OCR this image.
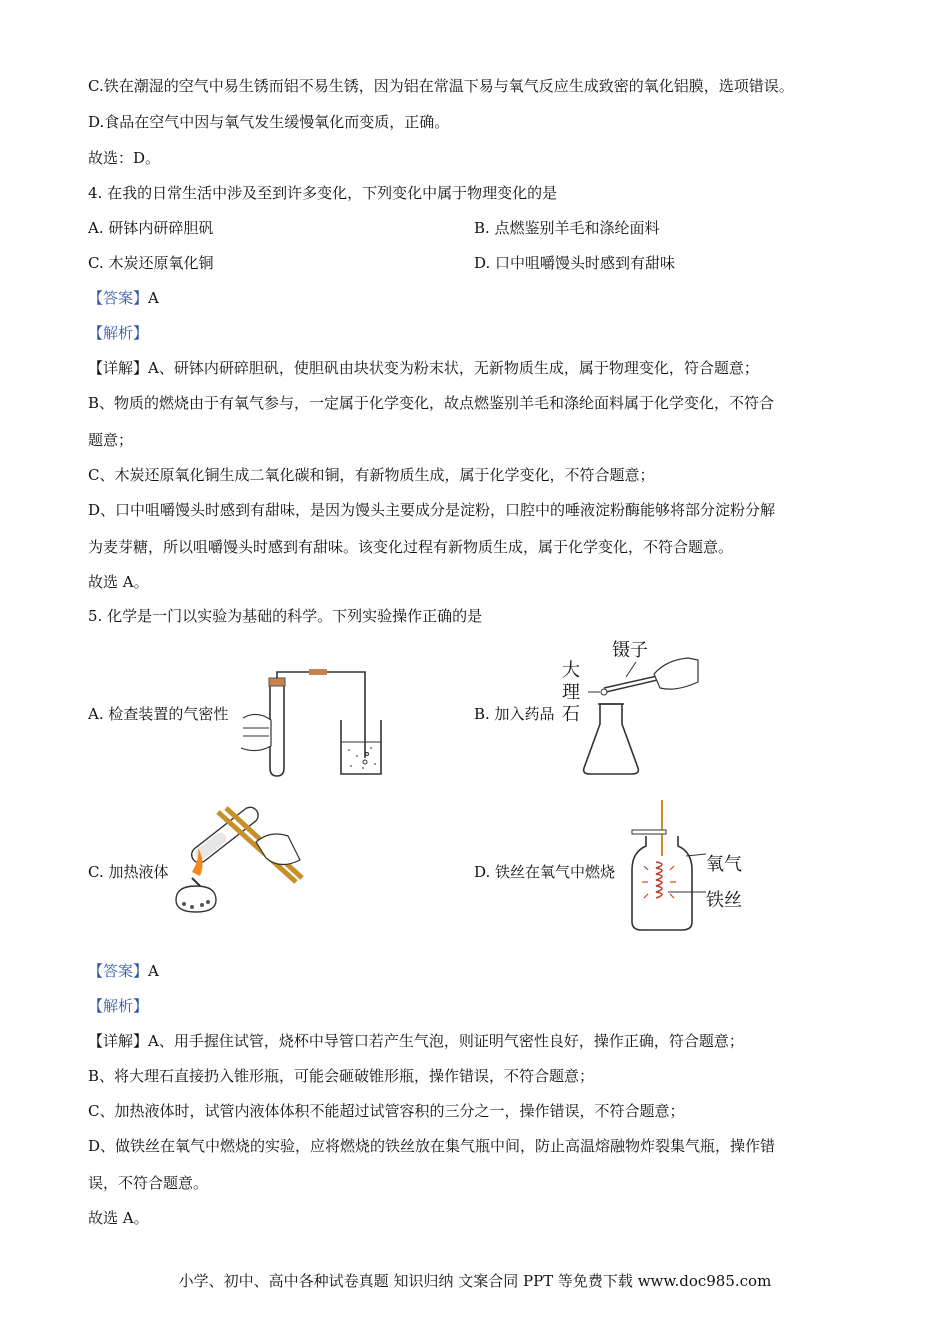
C.铁在潮湿的空气中易生锈而铝不易生锈，因为铝在常温下易与氧气反应生成致密的氧化铝膜，选项错误。
D.食品在空气中因与氧气发生缓慢氧化而变质，正确。
故选：D。
4. 在我的日常生活中涉及至到许多变化，下列变化中属于物理变化的是
A. 研钵内研碎胆矾	B. 点燃鉴别羊毛和涤纶面料
C. 木炭还原氧化铜	D. 口中咀嚼馒头时感到有甜味
【答案】A
【解析】
【详解】A、研钵内研碎胆矾，使胆矾由块状变为粉末状，无新物质生成，属于物理变化，符合题意；
B、物质的燃烧由于有氧气参与，一定属于化学变化，故点燃鉴别羊毛和涤纶面料属于化学变化，不符合
题意；
C、木炭还原氧化铜生成二氧化碳和铜，有新物质生成，属于化学变化，不符合题意；
D、口中咀嚼馒头时感到有甜味，是因为馒头主要成分是淀粉，口腔中的唾液淀粉酶能够将部分淀粉分解
为麦芽糖，所以咀嚼馒头时感到有甜味。该变化过程有新物质生成，属于化学变化，不符合题意。
故选 A。
5. 化学是一门以实验为基础的科学。下列实验操作正确的是
A. 检查装置的气密性	B. 加入药品
C. 加热液体	D. 铁丝在氧气中燃烧
镊子
大
理
石
氧气
铁丝
【答案】A
【解析】
【详解】A、用手握住试管，烧杯中导管口若产生气泡，则证明气密性良好，操作正确，符合题意；
B、将大理石直接扔入锥形瓶，可能会砸破锥形瓶，操作错误，不符合题意；
C、加热液体时，试管内液体体积不能超过试管容积的三分之一，操作错误，不符合题意；
D、做铁丝在氧气中燃烧的实验，应将燃烧的铁丝放在集气瓶中间，防止高温熔融物炸裂集气瓶，操作错
误，不符合题意。
故选 A。
小学、初中、高中各种试卷真题 知识归纳 文案合同 PPT 等免费下载 www.doc985.com
